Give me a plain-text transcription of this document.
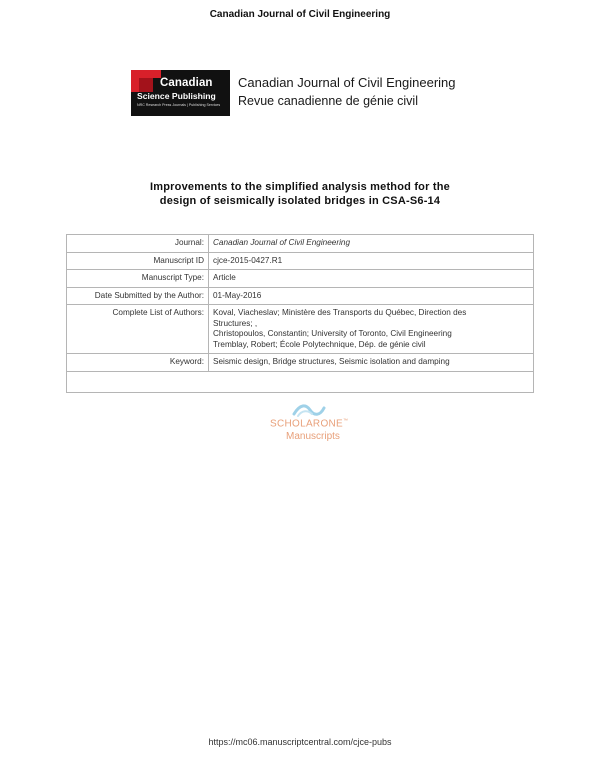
Canadian Journal of Civil Engineering
Canadian
Science Publishing
NRC Research Press Journals | Publishing Services
Canadian Journal of Civil Engineering
Revue canadienne de génie civil
Improvements to the simplified analysis method for the
design of seismically isolated bridges in CSA-S6-14
Journal:	Canadian Journal of Civil Engineering
Manuscript ID	cjce-2015-0427.R1
Manuscript Type:	Article
Date Submitted by the Author:	01-May-2016
Complete List of Authors:	Koval, Viacheslav; Ministère des Transports du Québec, Direction des
Structures; ,
Christopoulos, Constantin; University of Toronto, Civil Engineering
Tremblay, Robert; École Polytechnique, Dép. de génie civil

Keyword:	Seismic design, Bridge structures, Seismic isolation and damping

SCHOLARONE™
Manuscripts
https://mc06.manuscriptcentral.com/cjce-pubs
